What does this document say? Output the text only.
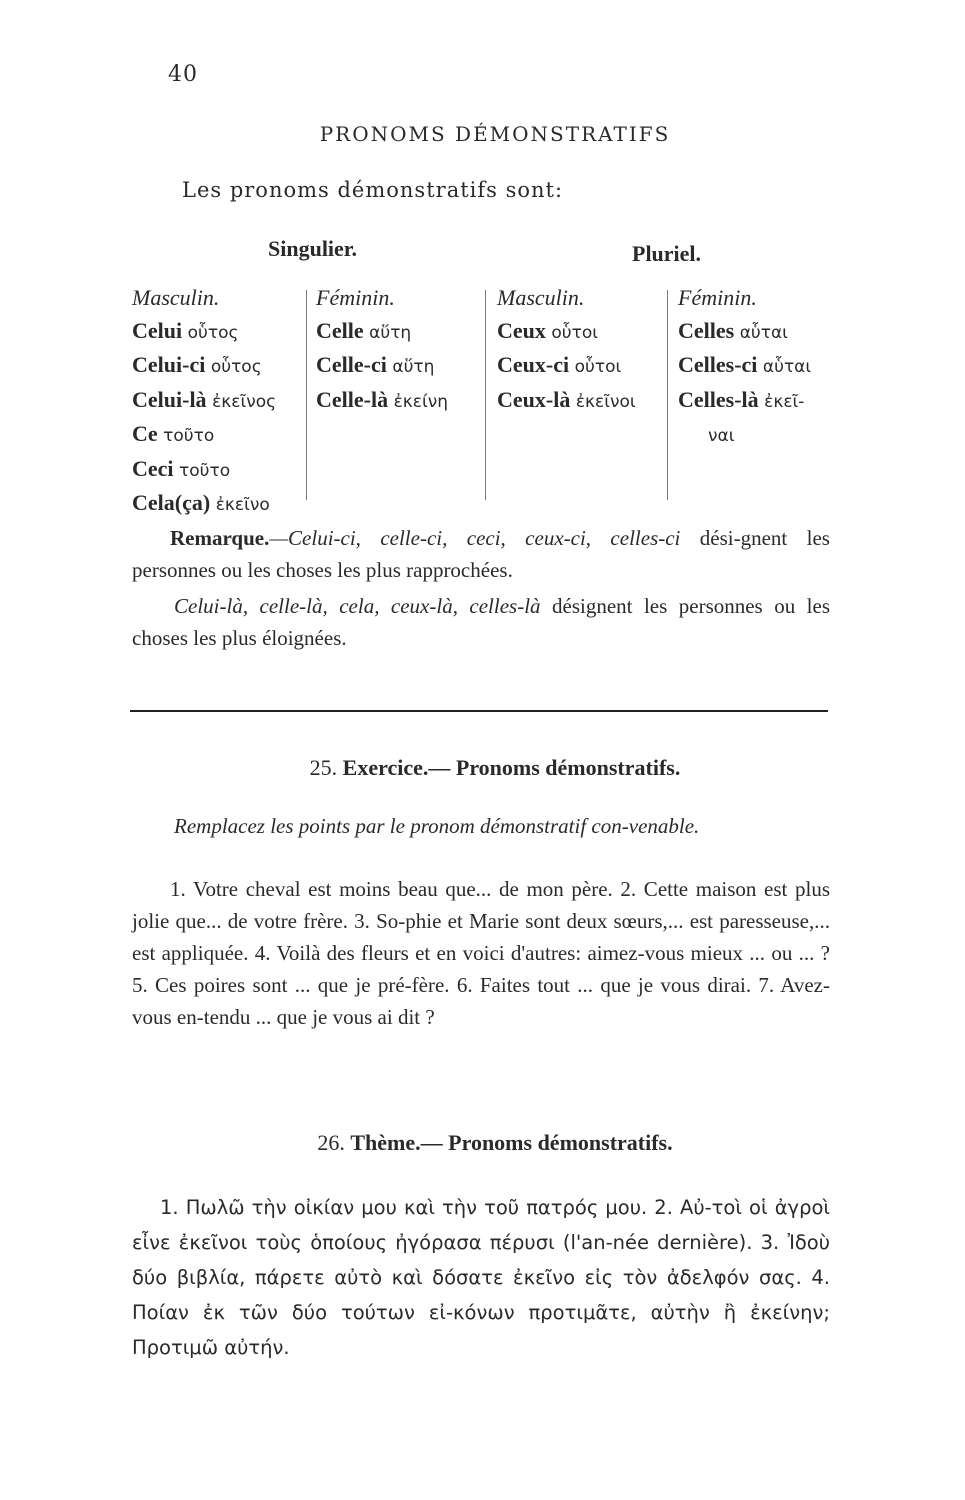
40
PRONOMS DÉMONSTRATIFS
Les pronoms démonstratifs sont:
Singulier.	Pluriel.
Masculin.
Celui οὗτος
Celui-ci οὗτος
Celui-là ἐκεῖνος
Ce τοῦτο
Ceci τοῦτο
Cela(ça) ἐκεῖνο
Féminin.
Celle αὕτη
Celle-ci αὕτη
Celle-là ἐκείνη
Masculin.
Ceux οὗτοι
Ceux-ci οὗτοι
Ceux-là ἐκεῖνοι
Féminin.
Celles αὗται
Celles-ci αὗται
Celles-là ἐκεῖ-
ναι
Remarque.—Celui-ci, celle-ci, ceci, ceux-ci, celles-ci dési-gnent les personnes ou les choses les plus rapprochées.
Celui-là, celle-là, cela, ceux-là, celles-là désignent les personnes ou les choses les plus éloignées.
25. Exercice.— Pronoms démonstratifs.
Remplacez les points par le pronom démonstratif con-venable.
1. Votre cheval est moins beau que... de mon père. 2. Cette maison est plus jolie que... de votre frère. 3. So-phie et Marie sont deux sœurs,... est paresseuse,... est appliquée. 4. Voilà des fleurs et en voici d'autres: aimez-vous mieux ... ou ... ? 5. Ces poires sont ... que je pré-fère. 6. Faites tout ... que je vous dirai. 7. Avez-vous en-tendu ... que je vous ai dit ?
26. Thème.— Pronoms démonstratifs.
1. Πωλῶ τὴν οἰκίαν μου καὶ τὴν τοῦ πατρός μου. 2. Αὐ-τοὶ οἱ ἀγροὶ εἶνε ἐκεῖνοι τοὺς ὁποίους ἠγόρασα πέρυσι (l'an-née dernière). 3. Ἰδοὺ δύο βιβλία, πάρετε αὐτὸ καὶ δόσατε ἐκεῖνο εἰς τὸν ἀδελφόν σας. 4. Ποίαν ἐκ τῶν δύο τούτων εἰ-κόνων προτιμᾶτε, αὐτὴν ἢ ἐκείνην; Προτιμῶ αὐτήν.
